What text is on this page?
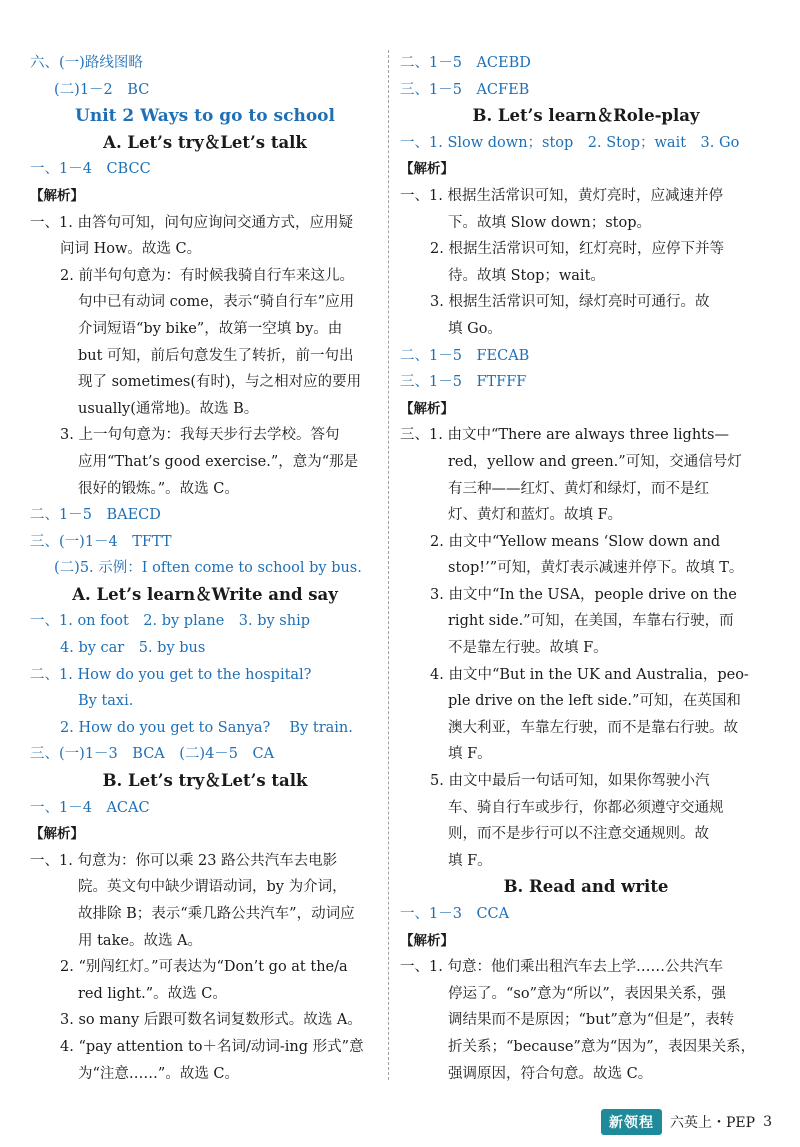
六、(一)路线图略
(二)1－2　BC
Unit 2 Ways to go to school
A. Let’s try＆Let’s talk
一、1－4　CBCC
【解析】
一、1. 由答句可知，问句应询问交通方式，应用疑
问词 How。故选 C。
2. 前半句句意为：有时候我骑自行车来这儿。
句中已有动词 come，表示“骑自行车”应用
介词短语“by bike”，故第一空填 by。由
but 可知，前后句意发生了转折，前一句出
现了 sometimes(有时)，与之相对应的要用
usually(通常地)。故选 B。
3. 上一句句意为：我每天步行去学校。答句
应用“That’s good exercise.”，意为“那是
很好的锻炼。”。故选 C。
二、1－5　BAECD
三、(一)1－4　TFTT
(二)5. 示例：I often come to school by bus.
A. Let’s learn＆Write and say
一、1. on foot　2. by plane　3. by ship
4. by car　5. by bus
二、1. How do you get to the hospital?
By taxi.
2. How do you get to Sanya?　 By train.
三、(一)1－3　BCA　(二)4－5　CA
B. Let’s try＆Let’s talk
一、1－4　ACAC
【解析】
一、1. 句意为：你可以乘 23 路公共汽车去电影
院。英文句中缺少谓语动词，by 为介词，
故排除 B；表示“乘几路公共汽车”，动词应
用 take。故选 A。
2. “别闯红灯。”可表达为“Don’t go at the/a
red light.”。故选 C。
3. so many 后跟可数名词复数形式。故选 A。
4. “pay attention to＋名词/动词-ing 形式”意
为“注意……”。故选 C。
二、1－5　ACEBD
三、1－5　ACFEB
B. Let’s learn＆Role-play
一、1. Slow down；stop　2. Stop；wait　3. Go
【解析】
一、1. 根据生活常识可知，黄灯亮时，应减速并停
下。故填 Slow down；stop。
2. 根据生活常识可知，红灯亮时，应停下并等
待。故填 Stop；wait。
3. 根据生活常识可知，绿灯亮时可通行。故
填 Go。
二、1－5　FECAB
三、1－5　FTFFF
【解析】
三、1. 由文中“There are always three lights—
red，yellow and green.”可知，交通信号灯
有三种——红灯、黄灯和绿灯，而不是红
灯、黄灯和蓝灯。故填 F。
2. 由文中“Yellow means ‘Slow down and
stop!’”可知，黄灯表示减速并停下。故填 T。
3. 由文中“In the USA，people drive on the
right side.”可知，在美国，车靠右行驶，而
不是靠左行驶。故填 F。
4. 由文中“But in the UK and Australia，peo-
ple drive on the left side.”可知，在英国和
澳大利亚，车靠左行驶，而不是靠右行驶。故
填 F。
5. 由文中最后一句话可知，如果你驾驶小汽
车、骑自行车或步行，你都必须遵守交通规
则，而不是步行可以不注意交通规则。故
填 F。
B. Read and write
一、1－3　CCA
【解析】
一、1. 句意：他们乘出租汽车去上学……公共汽车
停运了。“so”意为“所以”，表因果关系，强
调结果而不是原因；“but”意为“但是”，表转
折关系；“because”意为“因为”，表因果关系，
强调原因，符合句意。故选 C。
新领程	六英上・PEP 3
